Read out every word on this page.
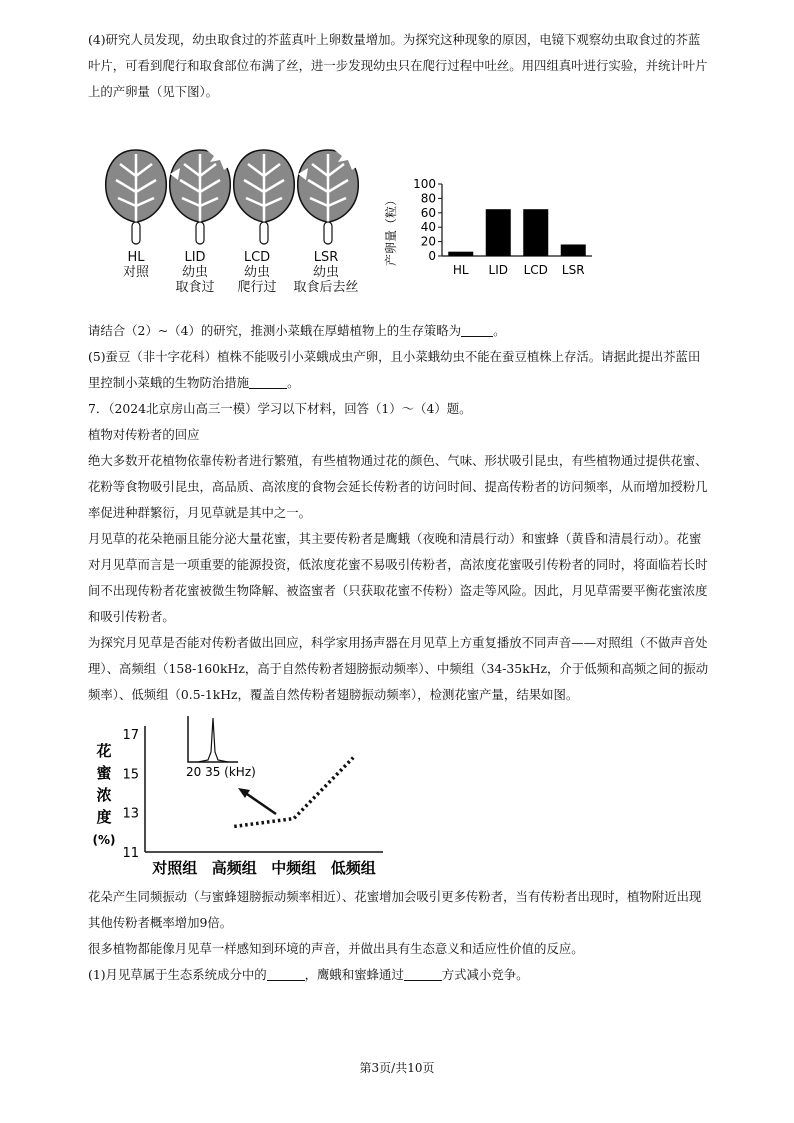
(4)研究人员发现，幼虫取食过的芥蓝真叶上卵数量增加。为探究这种现象的原因，电镜下观察幼虫取食过的芥蓝叶片，可看到爬行和取食部位布满了丝，进一步发现幼虫只在爬行过程中吐丝。用四组真叶进行实验，并统计叶片上的产卵量（见下图）。

HL
对照
LID
幼虫
取食过
LCD
幼虫
爬行过
LSR
幼虫
取食后去丝
产卵量（粒）	0
20
40
60
80
100
HL LID LCD LSR

请结合（2）~（4）的研究，推测小菜蛾在厚蜡植物上的生存策略为	。

(5)蚕豆（非十字花科）植株不能吸引小菜蛾成虫产卵，且小菜蛾幼虫不能在蚕豆植株上存活。请据此提出芥蓝田里控制小菜蛾的生物防治措施	。

7．（2024北京房山高三一模）学习以下材料，回答（1）～（4）题。

植物对传粉者的回应

绝大多数开花植物依靠传粉者进行繁殖，有些植物通过花的颜色、气味、形状吸引昆虫，有些植物通过提供花蜜、花粉等食物吸引昆虫，高品质、高浓度的食物会延长传粉者的访问时间、提高传粉者的访问频率，从而增加授粉几率促进种群繁衍，月见草就是其中之一。

月见草的花朵艳丽且能分泌大量花蜜，其主要传粉者是鹰蛾（夜晚和清晨行动）和蜜蜂（黄昏和清晨行动）。花蜜对月见草而言是一项重要的能源投资，低浓度花蜜不易吸引传粉者，高浓度花蜜吸引传粉者的同时，将面临若长时间不出现传粉者花蜜被微生物降解、被盗蜜者（只获取花蜜不传粉）盗走等风险。因此，月见草需要平衡花蜜浓度和吸引传粉者。

为探究月见草是否能对传粉者做出回应，科学家用扬声器在月见草上方重复播放不同声音——对照组（不做声音处理）、高频组（158-160kHz，高于自然传粉者翅膀振动频率）、中频组（34-35kHz，介于低频和高频之间的振动频率）、低频组（0.5-1kHz，覆盖自然传粉者翅膀振动频率），检测花蜜产量，结果如图。

花
蜜
浓
度
(%)
11
13
15
17
对照组 高频组 中频组 低频组
20 35 (kHz)

花朵产生同频振动（与蜜蜂翅膀振动频率相近）、花蜜增加会吸引更多传粉者，当有传粉者出现时，植物附近出现其他传粉者概率增加9倍。

很多植物都能像月见草一样感知到环境的声音，并做出具有生态意义和适应性价值的反应。

(1)月见草属于生态系统成分中的	，鹰蛾和蜜蜂通过	方式减小竞争。

第3页/共10页
